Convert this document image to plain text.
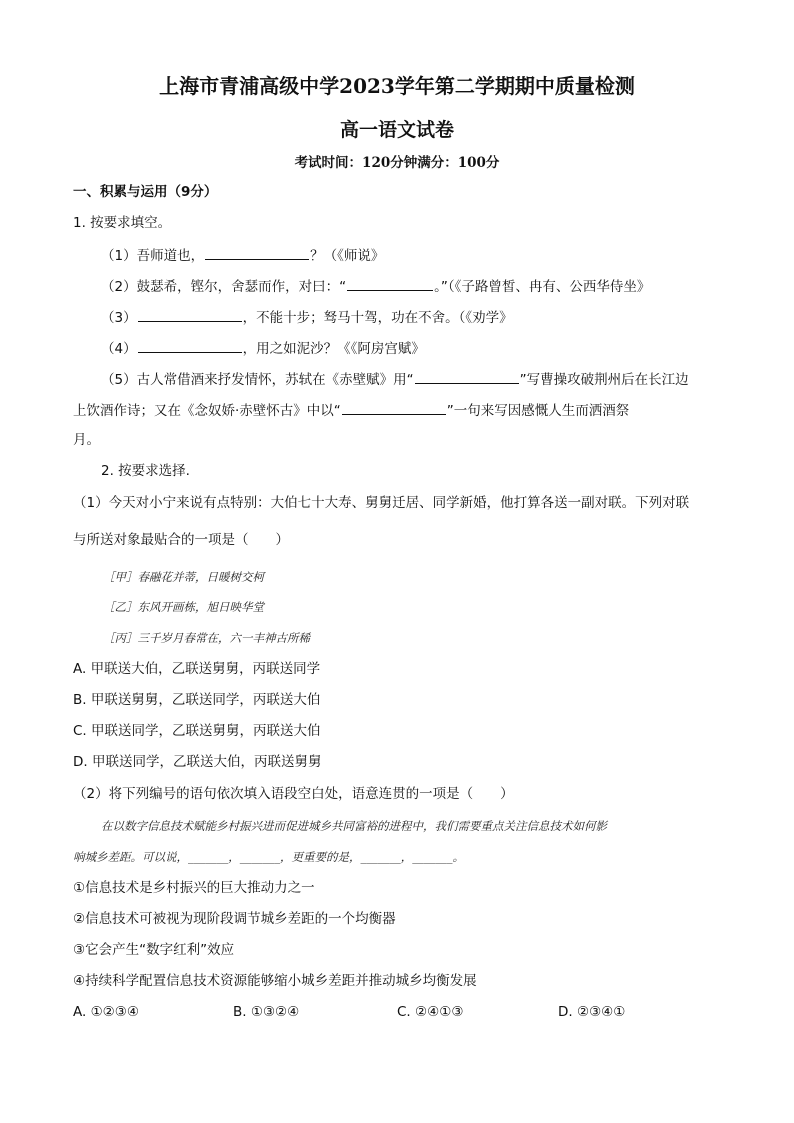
上海市青浦高级中学2023学年第二学期期中质量检测
高一语文试卷
考试时间：120分钟满分：100分
一、积累与运用（9分）
1. 按要求填空。
（1）吾师道也，	？（《师说》
（2）鼓瑟希，铿尔，舍瑟而作，对曰：“	。”（《子路曾皙、冉有、公西华侍坐》
（3）	，不能十步；驽马十驾，功在不舍。（《劝学》
（4）	，用之如泥沙？《《阿房宫赋》
（5）古人常借酒来抒发情怀，苏轼在《赤壁赋》用“	”写曹操攻破荆州后在长江边
上饮酒作诗；又在《念奴娇·赤壁怀古》中以“	”一句来写因感慨人生而洒酒祭
月。
2. 按要求选择.
（1）今天对小宁来说有点特别：大伯七十大寿、舅舅迁居、同学新婚，他打算各送一副对联。下列对联
与所送对象最贴合的一项是（　　）
［甲］春融花并蒂，日暖树交柯
［乙］东风开画栋，旭日映华堂
［丙］三千岁月春常在，六一丰神古所稀
A. 甲联送大伯，乙联送舅舅，丙联送同学
B. 甲联送舅舅，乙联送同学，丙联送大伯
C. 甲联送同学，乙联送舅舅，丙联送大伯
D. 甲联送同学，乙联送大伯，丙联送舅舅
（2）将下列编号的语句依次填入语段空白处，语意连贯的一项是（　　）
在以数字信息技术赋能乡村振兴进而促进城乡共同富裕的进程中，我们需要重点关注信息技术如何影
响城乡差距。可以说，_______，_______，更重要的是，_______，_______。
①信息技术是乡村振兴的巨大推动力之一
②信息技术可被视为现阶段调节城乡差距的一个均衡器
③它会产生“数字红利”效应
④持续科学配置信息技术资源能够缩小城乡差距并推动城乡均衡发展
A. ①②③④	B. ①③②④	C. ②④①③	D. ②③④①
